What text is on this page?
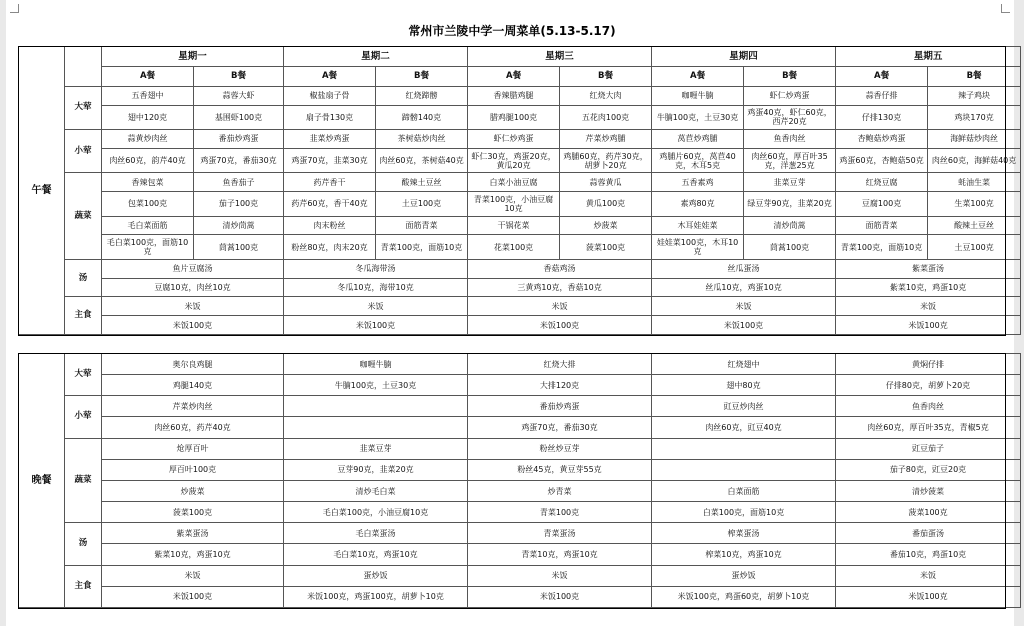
常州市兰陵中学一周菜单(5.13-5.17)
午餐		星期一		星期二		星期三		星期四		星期五	
		A餐	B餐	A餐	B餐	A餐	B餐	A餐	B餐	A餐	B餐
	大荤	五香翅中	蒜蓉大虾	椒盐扇子骨	红烧蹄髈	香辣腊鸡腿	红烧大肉	咖喱牛腩	虾仁炒鸡蛋	蒜香仔排	辣子鸡块
		翅中120克	基围虾100克	扇子骨130克	蹄髈140克	腊鸡腿100克	五花肉100克	牛腩100克，土豆30克	鸡蛋40克，虾仁60克，西芹20克	仔排130克	鸡块170克
	小荤	蒜黄炒肉丝	番茄炒鸡蛋	韭菜炒鸡蛋	茶树菇炒肉丝	虾仁炒鸡蛋	芹菜炒鸡脯	莴苣炒鸡脯	鱼香肉丝	杏鲍菇炒鸡蛋	海鲜菇炒肉丝
		肉丝60克，韵芹40克	鸡蛋70克，番茄30克	鸡蛋70克，韭菜30克	肉丝60克，茶树菇40克	虾仁30克，鸡蛋20克，黄瓜20克	鸡脯60克，药芹30克，胡萝卜20克	鸡脯片60克，莴苣40克，木耳5克	肉丝60克，厚百叶35克，洋葱25克	鸡蛋60克，杏鲍菇50克	肉丝60克，海鲜菇40克
	蔬菜	香辣包菜	鱼香茄子	药芹香干	酸辣土豆丝	白菜小油豆腐	蒜蓉黄瓜	五香素鸡	韭菜豆芽	红烧豆腐	蚝油生菜
		包菜100克	茄子100克	药芹60克，香干40克	土豆100克	青菜100克，小油豆腐10克	黄瓜100克	素鸡80克	绿豆芽90克，韭菜20克	豆腐100克	生菜100克
		毛白菜面筋	清炒茼蒿	肉末粉丝	面筋青菜	干锅花菜	炒菠菜	木耳娃娃菜	清炒茼蒿	面筋青菜	酸辣土豆丝
		毛白菜100克，面筋10克	茼蒿100克	粉丝80克，肉末20克	青菜100克，面筋10克	花菜100克	菠菜100克	娃娃菜100克，木耳10克	茼蒿100克	青菜100克，面筋10克	土豆100克
	汤	鱼片豆腐汤		冬瓜海带汤		香菇鸡汤		丝瓜蛋汤		紫菜蛋汤	
		豆腐10克，肉丝10克		冬瓜10克，海带10克		三黄鸡10克，香菇10克		丝瓜10克，鸡蛋10克		紫菜10克，鸡蛋10克	
	主食	米饭		米饭		米饭		米饭		米饭	
		米饭100克		米饭100克		米饭100克		米饭100克		米饭100克	
晚餐	大荤	奥尔良鸡腿	咖喱牛腩	红烧大排	红烧翅中	黄焖仔排
		鸡腿140克	牛腩100克，土豆30克	大排120克	翅中80克	仔排80克，胡萝卜20克
	小荤	芹菜炒肉丝		番茄炒鸡蛋	豇豆炒肉丝	鱼香肉丝
		肉丝60克，药芹40克		鸡蛋70克，番茄30克	肉丝60克，豇豆40克	肉丝60克，厚百叶35克，青椒5克
	蔬菜	炝厚百叶	韭菜豆芽	粉丝炒豆芽		豇豆茄子
		厚百叶100克	豆芽90克，韭菜20克	粉丝45克，黄豆芽55克		茄子80克，豇豆20克
		炒菠菜	清炒毛白菜	炒青菜	白菜面筋	清炒菠菜
		菠菜100克	毛白菜100克，小油豆腐10克	青菜100克	白菜100克，面筋10克	菠菜100克
	汤	紫菜蛋汤	毛白菜蛋汤	青菜蛋汤	榨菜蛋汤	番茄蛋汤
		紫菜10克，鸡蛋10克	毛白菜10克，鸡蛋10克	青菜10克，鸡蛋10克	榨菜10克，鸡蛋10克	番茄10克，鸡蛋10克
	主食	米饭	蛋炒饭	米饭	蛋炒饭	米饭
		米饭100克	米饭100克，鸡蛋100克，胡萝卜10克	米饭100克	米饭100克，鸡蛋60克，胡萝卜10克	米饭100克
